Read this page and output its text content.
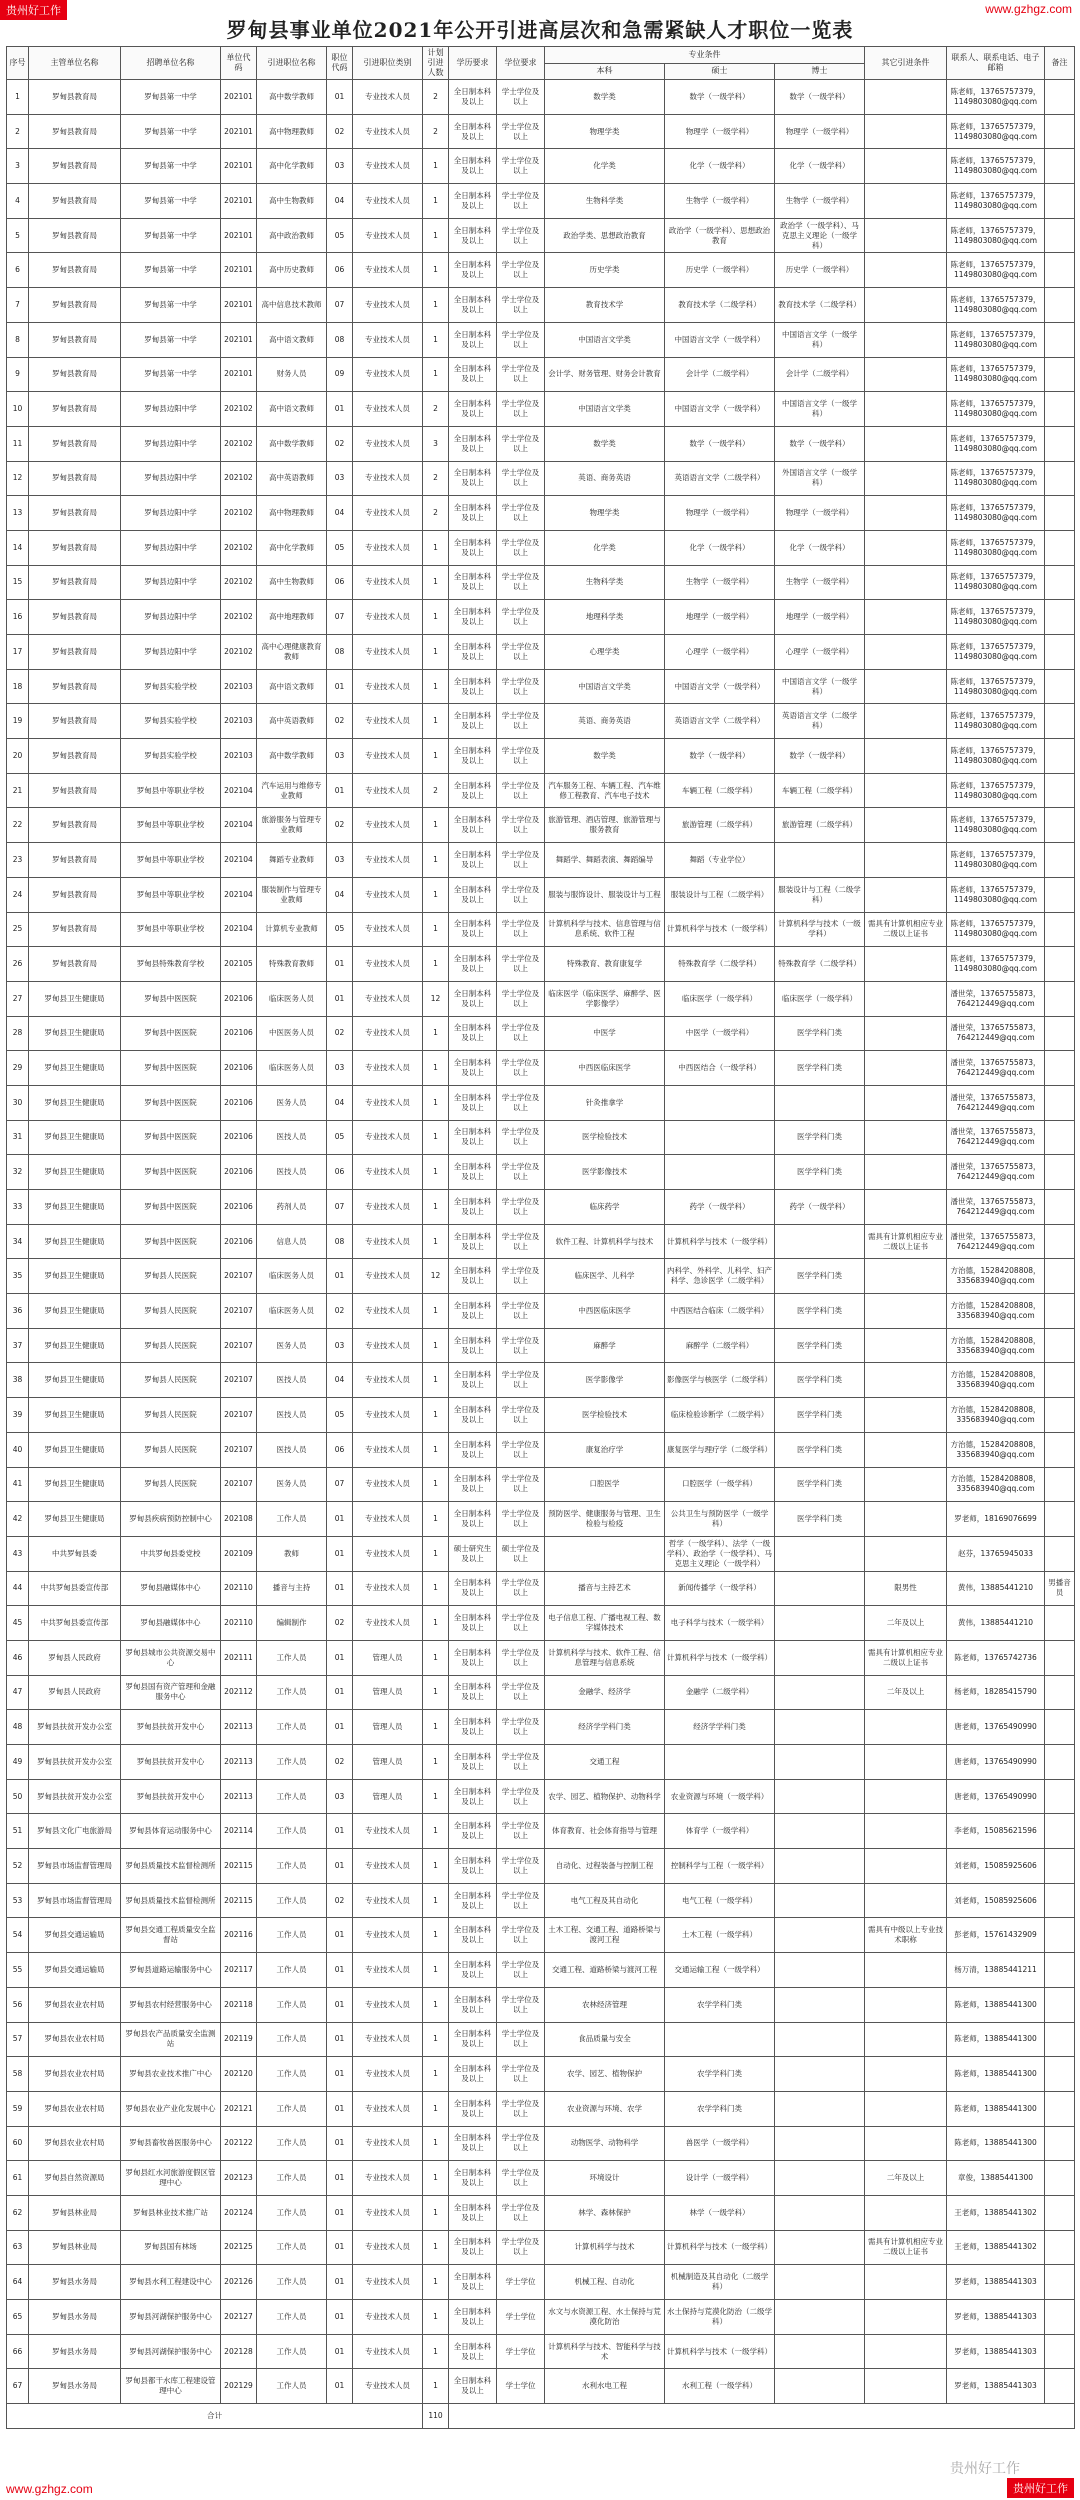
贵州好工作	www.gzhgz.com
罗甸县事业单位2021年公开引进高层次和急需紧缺人才职位一览表
序号	主管单位名称	招聘单位名称	单位代码	引进职位名称	职位代码	引进职位类别	计划引进人数	学历要求	学位要求	专业条件			其它引进条件	联系人、联系电话、电子邮箱	备注
										本科	硕士	博士			
1	罗甸县教育局	罗甸县第一中学	202101	高中数学教师	01	专业技术人员	2	全日制本科及以上	学士学位及以上	数学类	数学（一级学科）	数学（一级学科）		陈老师，13765757379，1149803080@qq.com	
2	罗甸县教育局	罗甸县第一中学	202101	高中物理教师	02	专业技术人员	2	全日制本科及以上	学士学位及以上	物理学类	物理学（一级学科）	物理学（一级学科）		陈老师，13765757379，1149803080@qq.com	
3	罗甸县教育局	罗甸县第一中学	202101	高中化学教师	03	专业技术人员	1	全日制本科及以上	学士学位及以上	化学类	化学（一级学科）	化学（一级学科）		陈老师，13765757379，1149803080@qq.com	
4	罗甸县教育局	罗甸县第一中学	202101	高中生物教师	04	专业技术人员	1	全日制本科及以上	学士学位及以上	生物科学类	生物学（一级学科）	生物学（一级学科）		陈老师，13765757379，1149803080@qq.com	
5	罗甸县教育局	罗甸县第一中学	202101	高中政治教师	05	专业技术人员	1	全日制本科及以上	学士学位及以上	政治学类、思想政治教育	政治学（一级学科）、思想政治教育	政治学（一级学科）、马克思主义理论（一级学科）		陈老师，13765757379，1149803080@qq.com	
6	罗甸县教育局	罗甸县第一中学	202101	高中历史教师	06	专业技术人员	1	全日制本科及以上	学士学位及以上	历史学类	历史学（一级学科）	历史学（一级学科）		陈老师，13765757379，1149803080@qq.com	
7	罗甸县教育局	罗甸县第一中学	202101	高中信息技术教师	07	专业技术人员	1	全日制本科及以上	学士学位及以上	教育技术学	教育技术学（二级学科）	教育技术学（二级学科）		陈老师，13765757379，1149803080@qq.com	
8	罗甸县教育局	罗甸县第一中学	202101	高中语文教师	08	专业技术人员	1	全日制本科及以上	学士学位及以上	中国语言文学类	中国语言文学（一级学科）	中国语言文学（一级学科）		陈老师，13765757379，1149803080@qq.com	
9	罗甸县教育局	罗甸县第一中学	202101	财务人员	09	专业技术人员	1	全日制本科及以上	学士学位及以上	会计学、财务管理、财务会计教育	会计学（二级学科）	会计学（二级学科）		陈老师，13765757379，1149803080@qq.com	
10	罗甸县教育局	罗甸县边阳中学	202102	高中语文教师	01	专业技术人员	2	全日制本科及以上	学士学位及以上	中国语言文学类	中国语言文学（一级学科）	中国语言文学（一级学科）		陈老师，13765757379，1149803080@qq.com	
11	罗甸县教育局	罗甸县边阳中学	202102	高中数学教师	02	专业技术人员	3	全日制本科及以上	学士学位及以上	数学类	数学（一级学科）	数学（一级学科）		陈老师，13765757379，1149803080@qq.com	
12	罗甸县教育局	罗甸县边阳中学	202102	高中英语教师	03	专业技术人员	2	全日制本科及以上	学士学位及以上	英语、商务英语	英语语言文学（二级学科）	外国语言文学（一级学科）		陈老师，13765757379，1149803080@qq.com	
13	罗甸县教育局	罗甸县边阳中学	202102	高中物理教师	04	专业技术人员	2	全日制本科及以上	学士学位及以上	物理学类	物理学（一级学科）	物理学（一级学科）		陈老师，13765757379，1149803080@qq.com	
14	罗甸县教育局	罗甸县边阳中学	202102	高中化学教师	05	专业技术人员	1	全日制本科及以上	学士学位及以上	化学类	化学（一级学科）	化学（一级学科）		陈老师，13765757379，1149803080@qq.com	
15	罗甸县教育局	罗甸县边阳中学	202102	高中生物教师	06	专业技术人员	1	全日制本科及以上	学士学位及以上	生物科学类	生物学（一级学科）	生物学（一级学科）		陈老师，13765757379，1149803080@qq.com	
16	罗甸县教育局	罗甸县边阳中学	202102	高中地理教师	07	专业技术人员	1	全日制本科及以上	学士学位及以上	地理科学类	地理学（一级学科）	地理学（一级学科）		陈老师，13765757379，1149803080@qq.com	
17	罗甸县教育局	罗甸县边阳中学	202102	高中心理健康教育教师	08	专业技术人员	1	全日制本科及以上	学士学位及以上	心理学类	心理学（一级学科）	心理学（一级学科）		陈老师，13765757379，1149803080@qq.com	
18	罗甸县教育局	罗甸县实验学校	202103	高中语文教师	01	专业技术人员	1	全日制本科及以上	学士学位及以上	中国语言文学类	中国语言文学（一级学科）	中国语言文学（一级学科）		陈老师，13765757379，1149803080@qq.com	
19	罗甸县教育局	罗甸县实验学校	202103	高中英语教师	02	专业技术人员	1	全日制本科及以上	学士学位及以上	英语、商务英语	英语语言文学（二级学科）	英语语言文学（二级学科）		陈老师，13765757379，1149803080@qq.com	
20	罗甸县教育局	罗甸县实验学校	202103	高中数学教师	03	专业技术人员	1	全日制本科及以上	学士学位及以上	数学类	数学（一级学科）	数学（一级学科）		陈老师，13765757379，1149803080@qq.com	
21	罗甸县教育局	罗甸县中等职业学校	202104	汽车运用与维修专业教师	01	专业技术人员	2	全日制本科及以上	学士学位及以上	汽车服务工程、车辆工程、汽车维修工程教育、汽车电子技术	车辆工程（二级学科）	车辆工程（二级学科）		陈老师，13765757379，1149803080@qq.com	
22	罗甸县教育局	罗甸县中等职业学校	202104	旅游服务与管理专业教师	02	专业技术人员	1	全日制本科及以上	学士学位及以上	旅游管理、酒店管理、旅游管理与服务教育	旅游管理（二级学科）	旅游管理（二级学科）		陈老师，13765757379，1149803080@qq.com	
23	罗甸县教育局	罗甸县中等职业学校	202104	舞蹈专业教师	03	专业技术人员	1	全日制本科及以上	学士学位及以上	舞蹈学、舞蹈表演、舞蹈编导	舞蹈（专业学位）			陈老师，13765757379，1149803080@qq.com	
24	罗甸县教育局	罗甸县中等职业学校	202104	服装制作与管理专业教师	04	专业技术人员	1	全日制本科及以上	学士学位及以上	服装与服饰设计、服装设计与工程	服装设计与工程（二级学科）	服装设计与工程（二级学科）		陈老师，13765757379，1149803080@qq.com	
25	罗甸县教育局	罗甸县中等职业学校	202104	计算机专业教师	05	专业技术人员	1	全日制本科及以上	学士学位及以上	计算机科学与技术、信息管理与信息系统、软件工程	计算机科学与技术（一级学科）	计算机科学与技术（一级学科）	需具有计算机相应专业二级以上证书	陈老师，13765757379，1149803080@qq.com	
26	罗甸县教育局	罗甸县特殊教育学校	202105	特殊教育教师	01	专业技术人员	1	全日制本科及以上	学士学位及以上	特殊教育、教育康复学	特殊教育学（二级学科）	特殊教育学（二级学科）		陈老师，13765757379，1149803080@qq.com	
27	罗甸县卫生健康局	罗甸县中医医院	202106	临床医务人员	01	专业技术人员	12	全日制本科及以上	学士学位及以上	临床医学（临床医学、麻醉学、医学影像学）	临床医学（一级学科）	临床医学（一级学科）		潘世荣，13765755873，764212449@qq.com	
28	罗甸县卫生健康局	罗甸县中医医院	202106	中医医务人员	02	专业技术人员	1	全日制本科及以上	学士学位及以上	中医学	中医学（一级学科）	医学学科门类		潘世荣，13765755873，764212449@qq.com	
29	罗甸县卫生健康局	罗甸县中医医院	202106	临床医务人员	03	专业技术人员	1	全日制本科及以上	学士学位及以上	中西医临床医学	中西医结合（一级学科）	医学学科门类		潘世荣，13765755873，764212449@qq.com	
30	罗甸县卫生健康局	罗甸县中医医院	202106	医务人员	04	专业技术人员	1	全日制本科及以上	学士学位及以上	针灸推拿学				潘世荣，13765755873，764212449@qq.com	
31	罗甸县卫生健康局	罗甸县中医医院	202106	医技人员	05	专业技术人员	1	全日制本科及以上	学士学位及以上	医学检验技术		医学学科门类		潘世荣，13765755873，764212449@qq.com	
32	罗甸县卫生健康局	罗甸县中医医院	202106	医技人员	06	专业技术人员	1	全日制本科及以上	学士学位及以上	医学影像技术		医学学科门类		潘世荣，13765755873，764212449@qq.com	
33	罗甸县卫生健康局	罗甸县中医医院	202106	药剂人员	07	专业技术人员	1	全日制本科及以上	学士学位及以上	临床药学	药学（一级学科）	药学（一级学科）		潘世荣，13765755873，764212449@qq.com	
34	罗甸县卫生健康局	罗甸县中医医院	202106	信息人员	08	专业技术人员	1	全日制本科及以上	学士学位及以上	软件工程、计算机科学与技术	计算机科学与技术（一级学科）		需具有计算机相应专业二级以上证书	潘世荣，13765755873，764212449@qq.com	
35	罗甸县卫生健康局	罗甸县人民医院	202107	临床医务人员	01	专业技术人员	12	全日制本科及以上	学士学位及以上	临床医学、儿科学	内科学、外科学、儿科学、妇产科学、急诊医学（二级学科）	医学学科门类		方治德，15284208808，335683940@qq.com	
36	罗甸县卫生健康局	罗甸县人民医院	202107	临床医务人员	02	专业技术人员	1	全日制本科及以上	学士学位及以上	中西医临床医学	中西医结合临床（二级学科）	医学学科门类		方治德，15284208808，335683940@qq.com	
37	罗甸县卫生健康局	罗甸县人民医院	202107	医务人员	03	专业技术人员	1	全日制本科及以上	学士学位及以上	麻醉学	麻醉学（二级学科）	医学学科门类		方治德，15284208808，335683940@qq.com	
38	罗甸县卫生健康局	罗甸县人民医院	202107	医技人员	04	专业技术人员	1	全日制本科及以上	学士学位及以上	医学影像学	影像医学与核医学（二级学科）	医学学科门类		方治德，15284208808，335683940@qq.com	
39	罗甸县卫生健康局	罗甸县人民医院	202107	医技人员	05	专业技术人员	1	全日制本科及以上	学士学位及以上	医学检验技术	临床检验诊断学（二级学科）	医学学科门类		方治德，15284208808，335683940@qq.com	
40	罗甸县卫生健康局	罗甸县人民医院	202107	医技人员	06	专业技术人员	1	全日制本科及以上	学士学位及以上	康复治疗学	康复医学与理疗学（二级学科）	医学学科门类		方治德，15284208808，335683940@qq.com	
41	罗甸县卫生健康局	罗甸县人民医院	202107	医务人员	07	专业技术人员	1	全日制本科及以上	学士学位及以上	口腔医学	口腔医学（一级学科）	医学学科门类		方治德，15284208808，335683940@qq.com	
42	罗甸县卫生健康局	罗甸县疾病预防控制中心	202108	工作人员	01	专业技术人员	1	全日制本科及以上	学士学位及以上	预防医学、健康服务与管理、卫生检验与检疫	公共卫生与预防医学（一级学科）	医学学科门类		罗老师，18169076699	
43	中共罗甸县委	中共罗甸县委党校	202109	教师	01	专业技术人员	1	硕士研究生及以上	硕士学位及以上		哲学（一级学科）、法学（一级学科）、政治学（一级学科）、马克思主义理论（一级学科）			赵芬，13765945033	
44	中共罗甸县委宣传部	罗甸县融媒体中心	202110	播音与主持	01	专业技术人员	1	全日制本科及以上	学士学位及以上	播音与主持艺术	新闻传播学（一级学科）		限男性	黄伟，13885441210	男播音员
45	中共罗甸县委宣传部	罗甸县融媒体中心	202110	编辑制作	02	专业技术人员	1	全日制本科及以上	学士学位及以上	电子信息工程、广播电视工程、数字媒体技术	电子科学与技术（一级学科）		二年及以上	黄伟，13885441210	
46	罗甸县人民政府	罗甸县城市公共资源交易中心	202111	工作人员	01	管理人员	1	全日制本科及以上	学士学位及以上	计算机科学与技术、软件工程、信息管理与信息系统	计算机科学与技术（一级学科）		需具有计算机相应专业二级以上证书	陈老师，13765742736	
47	罗甸县人民政府	罗甸县国有资产管理和金融服务中心	202112	工作人员	01	管理人员	1	全日制本科及以上	学士学位及以上	金融学、经济学	金融学（二级学科）		二年及以上	杨老师，18285415790	
48	罗甸县扶贫开发办公室	罗甸县扶贫开发中心	202113	工作人员	01	管理人员	1	全日制本科及以上	学士学位及以上	经济学学科门类	经济学学科门类			唐老师，13765490990	
49	罗甸县扶贫开发办公室	罗甸县扶贫开发中心	202113	工作人员	02	管理人员	1	全日制本科及以上	学士学位及以上	交通工程				唐老师，13765490990	
50	罗甸县扶贫开发办公室	罗甸县扶贫开发中心	202113	工作人员	03	管理人员	1	全日制本科及以上	学士学位及以上	农学、园艺、植物保护、动物科学	农业资源与环境（一级学科）			唐老师，13765490990	
51	罗甸县文化广电旅游局	罗甸县体育运动服务中心	202114	工作人员	01	专业技术人员	1	全日制本科及以上	学士学位及以上	体育教育、社会体育指导与管理	体育学（一级学科）			李老师，15085621596	
52	罗甸县市场监督管理局	罗甸县质量技术监督检测所	202115	工作人员	01	专业技术人员	1	全日制本科及以上	学士学位及以上	自动化、过程装备与控制工程	控制科学与工程（一级学科）			刘老师，15085925606	
53	罗甸县市场监督管理局	罗甸县质量技术监督检测所	202115	工作人员	02	专业技术人员	1	全日制本科及以上	学士学位及以上	电气工程及其自动化	电气工程（一级学科）			刘老师，15085925606	
54	罗甸县交通运输局	罗甸县交通工程质量安全监督站	202116	工作人员	01	专业技术人员	1	全日制本科及以上	学士学位及以上	土木工程、交通工程、道路桥梁与渡河工程	土木工程（一级学科）		需具有中级以上专业技术职称	彭老师，15761432909	
55	罗甸县交通运输局	罗甸县道路运输服务中心	202117	工作人员	01	专业技术人员	1	全日制本科及以上	学士学位及以上	交通工程、道路桥梁与渡河工程	交通运输工程（一级学科）			杨万清，13885441211	
56	罗甸县农业农村局	罗甸县农村经营服务中心	202118	工作人员	01	专业技术人员	1	全日制本科及以上	学士学位及以上	农林经济管理	农学学科门类			陈老师，13885441300	
57	罗甸县农业农村局	罗甸县农产品质量安全监测站	202119	工作人员	01	专业技术人员	1	全日制本科及以上	学士学位及以上	食品质量与安全				陈老师，13885441300	
58	罗甸县农业农村局	罗甸县农业技术推广中心	202120	工作人员	01	专业技术人员	1	全日制本科及以上	学士学位及以上	农学、园艺、植物保护	农学学科门类			陈老师，13885441300	
59	罗甸县农业农村局	罗甸县农业产业化发展中心	202121	工作人员	01	专业技术人员	1	全日制本科及以上	学士学位及以上	农业资源与环境、农学	农学学科门类			陈老师，13885441300	
60	罗甸县农业农村局	罗甸县畜牧兽医服务中心	202122	工作人员	01	专业技术人员	1	全日制本科及以上	学士学位及以上	动物医学、动物科学	兽医学（一级学科）			陈老师，13885441300	
61	罗甸县自然资源局	罗甸县红水河旅游度假区管理中心	202123	工作人员	01	专业技术人员	1	全日制本科及以上	学士学位及以上	环境设计	设计学（一级学科）		二年及以上	章俊，13885441300	
62	罗甸县林业局	罗甸县林业技术推广站	202124	工作人员	01	专业技术人员	1	全日制本科及以上	学士学位及以上	林学、森林保护	林学（一级学科）			王老师，13885441302	
63	罗甸县林业局	罗甸县国有林场	202125	工作人员	01	专业技术人员	1	全日制本科及以上	学士学位及以上	计算机科学与技术	计算机科学与技术（一级学科）		需具有计算机相应专业二级以上证书	王老师，13885441302	
64	罗甸县水务局	罗甸县水利工程建设中心	202126	工作人员	01	专业技术人员	1	全日制本科及以上	学士学位	机械工程、自动化	机械制造及其自动化（二级学科）			罗老师，13885441303	
65	罗甸县水务局	罗甸县河湖保护服务中心	202127	工作人员	01	专业技术人员	1	全日制本科及以上	学士学位	水文与水资源工程、水土保持与荒漠化防治	水土保持与荒漠化防治（二级学科）			罗老师，13885441303	
66	罗甸县水务局	罗甸县河湖保护服务中心	202128	工作人员	01	专业技术人员	1	全日制本科及以上	学士学位	计算机科学与技术、智能科学与技术	计算机科学与技术（一级学科）			罗老师，13885441303	
67	罗甸县水务局	罗甸县都干水库工程建设管理中心	202129	工作人员	01	专业技术人员	1	全日制本科及以上	学士学位	水利水电工程	水利工程（一级学科）			罗老师，13885441303	
合计							110								
www.gzhgz.com
贵州好工作
贵州好工作
